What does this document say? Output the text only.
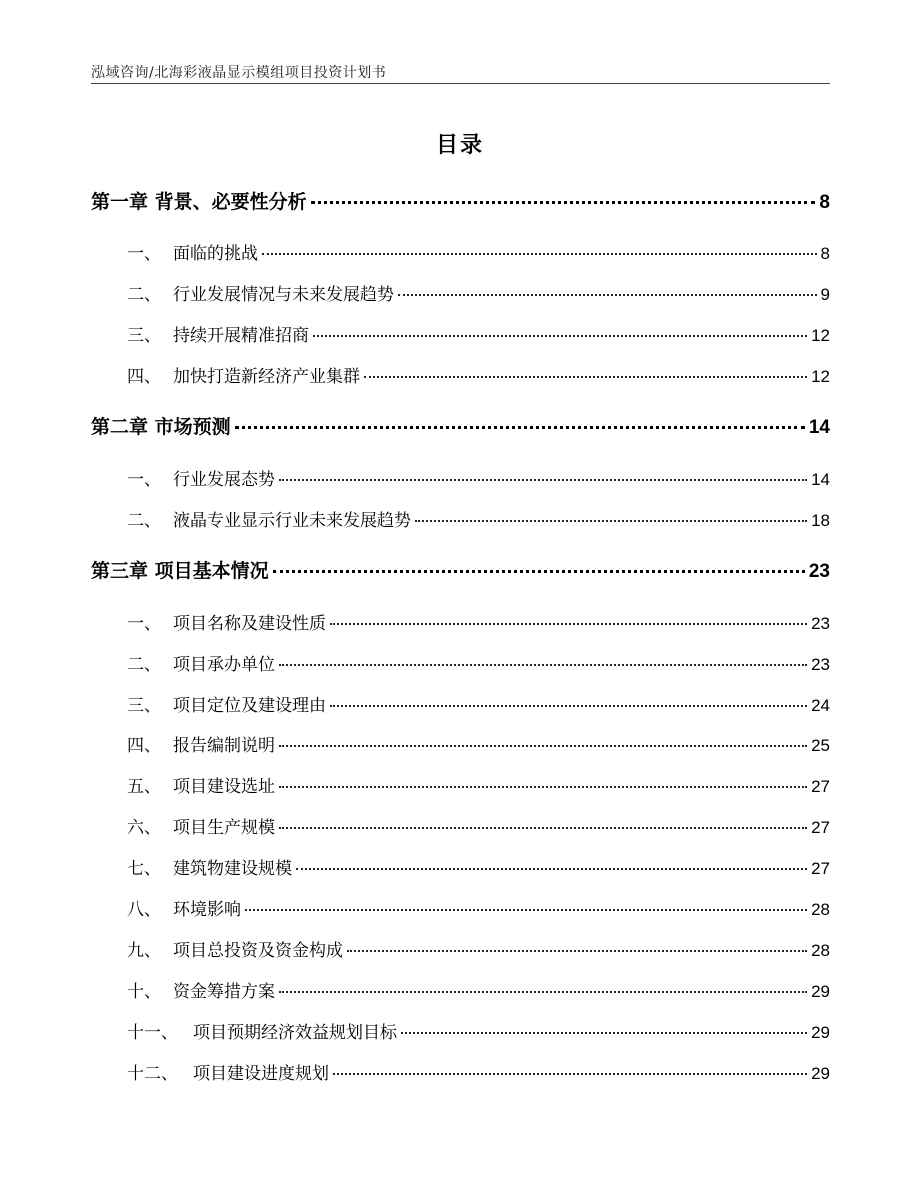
泓域咨询/北海彩液晶显示模组项目投资计划书
目录
第一章 背景、必要性分析	8
一、 面临的挑战	8
二、 行业发展情况与未来发展趋势	9
三、 持续开展精准招商	12
四、 加快打造新经济产业集群	12
第二章 市场预测	14
一、 行业发展态势	14
二、 液晶专业显示行业未来发展趋势	18
第三章 项目基本情况	23
一、 项目名称及建设性质	23
二、 项目承办单位	23
三、 项目定位及建设理由	24
四、 报告编制说明	25
五、 项目建设选址	27
六、 项目生产规模	27
七、 建筑物建设规模	27
八、 环境影响	28
九、 项目总投资及资金构成	28
十、 资金筹措方案	29
十一、 项目预期经济效益规划目标	29
十二、 项目建设进度规划	29
